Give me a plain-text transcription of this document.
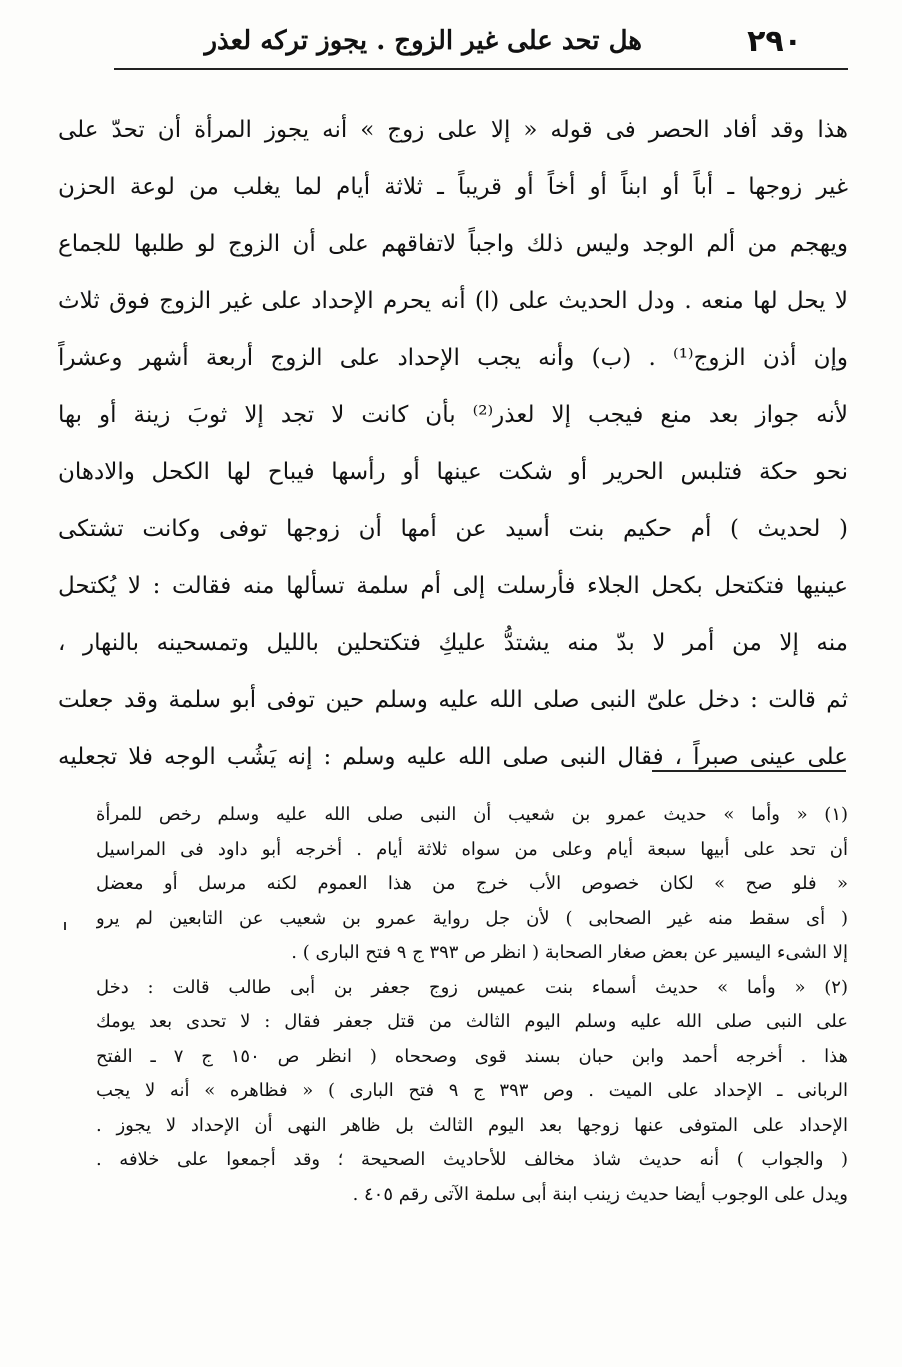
٢٩٠
هل تحد على غير الزوج . يجوز تركه لعذر
هذا وقد أفاد الحصر فى قوله « إلا على زوج » أنه يجوز المرأة أن تحدّ على
غير زوجها ـ أباً أو ابناً أو أخاً أو قريباً ـ ثلاثة أيام لما يغلب من لوعة الحزن
ويهجم من ألم الوجد وليس ذلك واجباً لاتفاقهم على أن الزوج لو طلبها للجماع
لا يحل لها منعه . ودل الحديث على (ا) أنه يحرم الإحداد على غير الزوج فوق ثلاث
وإن أذن الزوج⁽¹⁾ . (ب) وأنه يجب الإحداد على الزوج أربعة أشهر وعشراً
لأنه جواز بعد منع فيجب إلا لعذر⁽²⁾ بأن كانت لا تجد إلا ثوبَ زينة أو بها
نحو حكة فتلبس الحرير أو شكت عينها أو رأسها فيباح لها الكحل والادهان
( لحديث ) أم حكيم بنت أسيد عن أمها أن زوجها توفى وكانت تشتكى
عينيها فتكتحل بكحل الجلاء فأرسلت إلى أم سلمة تسألها منه فقالت : لا يُكتحل
منه إلا من أمر لا بدّ منه يشتدُّ عليكِ فتكتحلين بالليل وتمسحينه بالنهار ،
ثم قالت : دخل علىّ النبى صلى الله عليه وسلم حين توفى أبو سلمة وقد جعلت
على عينى صبراً ، فقال النبى صلى الله عليه وسلم : إنه يَشُب الوجه فلا تجعليه
(١) « وأما » حديث عمرو بن شعيب أن النبى صلى الله عليه وسلم رخص للمرأة
أن تحد على أبيها سبعة أيام وعلى من سواه ثلاثة أيام . أخرجه أبو داود فى المراسيل
« فلو صح » لكان خصوص الأب خرج من هذا العموم لكنه مرسل أو معضل
( أى سقط منه غير الصحابى ) لأن جل رواية عمرو بن شعيب عن التابعين لم يرو
إلا الشىء اليسير عن بعض صغار الصحابة ( انظر ص ٣٩٣ ج ٩ فتح البارى ) .
(٢) « وأما » حديث أسماء بنت عميس زوج جعفر بن أبى طالب قالت : دخل
على النبى صلى الله عليه وسلم اليوم الثالث من قتل جعفر فقال : لا تحدى بعد يومك
هذا . أخرجه أحمد وابن حبان بسند قوى وصححاه ( انظر ص ١٥٠ ج ٧ ـ الفتح
الربانى ـ الإحداد على الميت . وص ٣٩٣ ج ٩ فتح البارى ) « فظاهره » أنه لا يجب
الإحداد على المتوفى عنها زوجها بعد اليوم الثالث بل ظاهر النهى أن الإحداد لا يجوز .
( والجواب ) أنه حديث شاذ مخالف للأحاديث الصحيحة ؛ وقد أجمعوا على خلافه .
ويدل على الوجوب أيضا حديث زينب ابنة أبى سلمة الآتى رقم ٤٠٥ .
